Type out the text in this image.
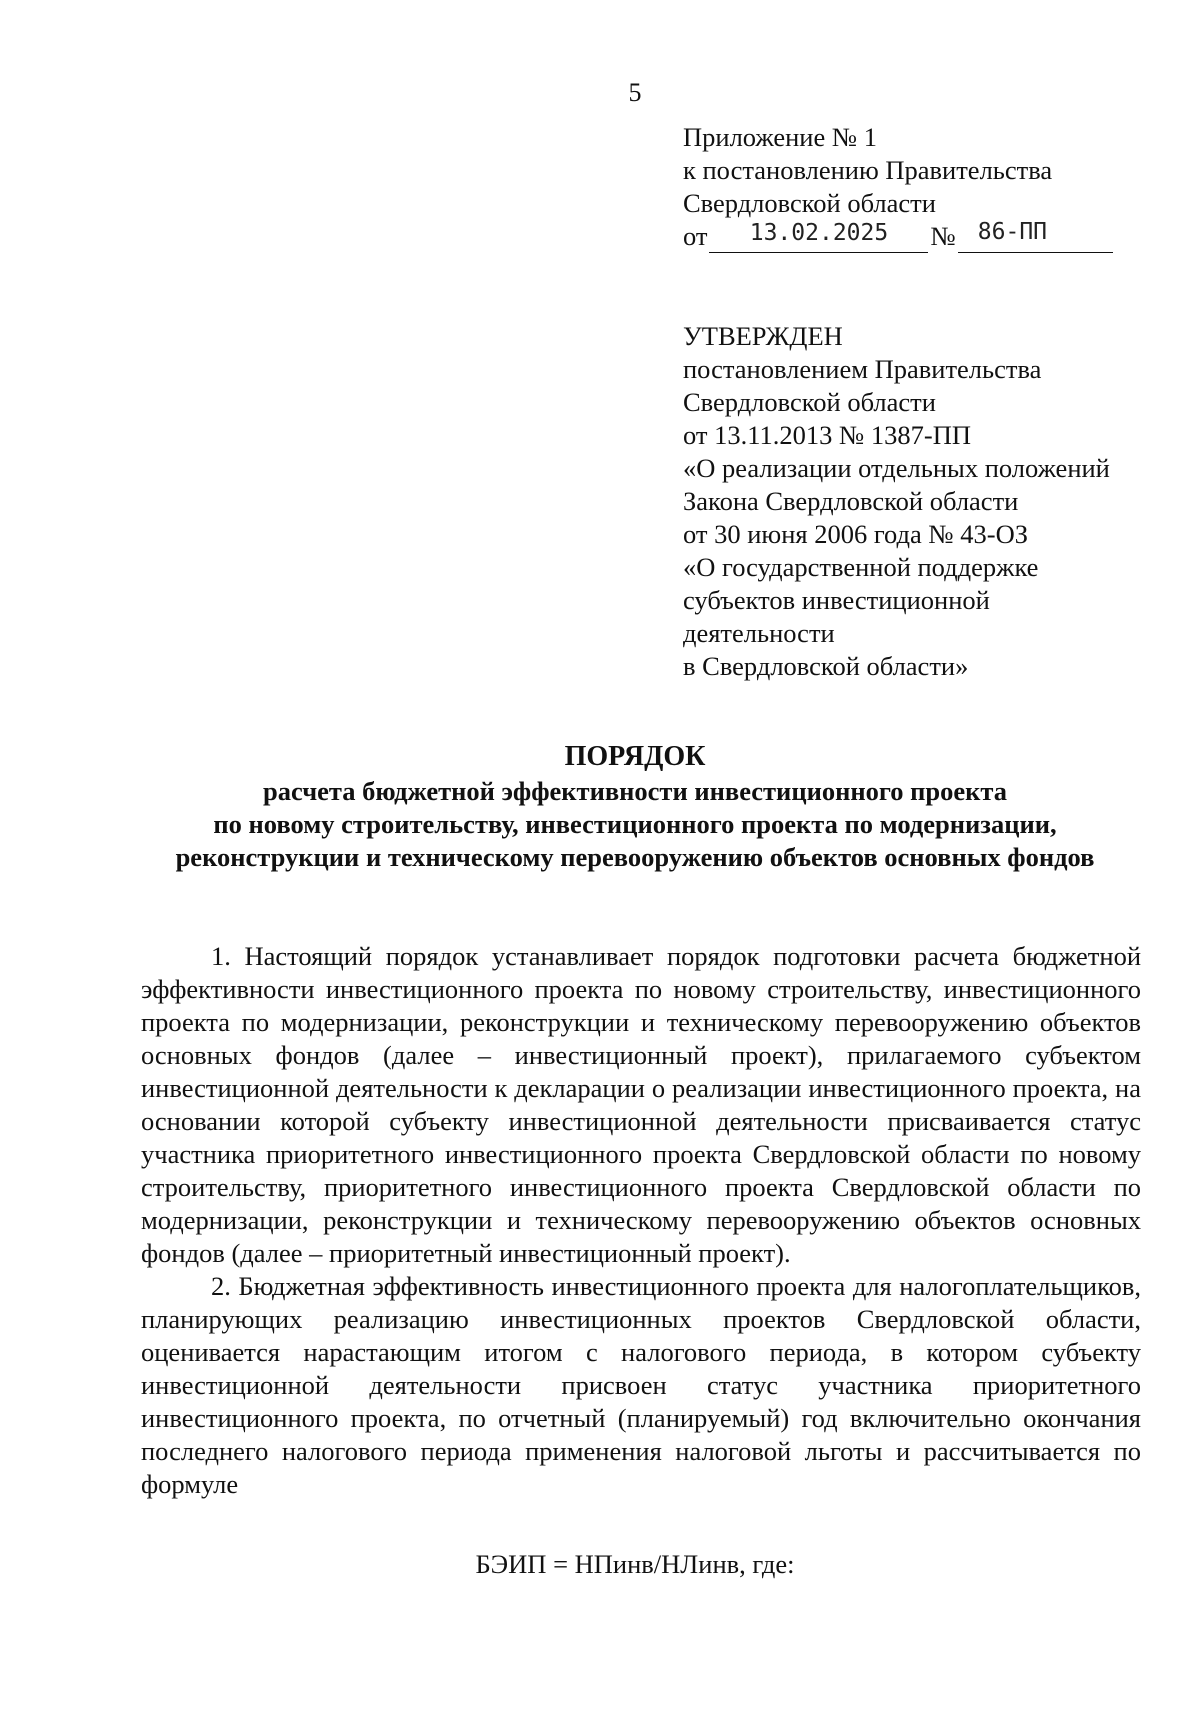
5
Приложение № 1
к постановлению Правительства
Свердловской области
от	13.02.2025	№ 86-ПП
УТВЕРЖДЕН
постановлением Правительства
Свердловской области
от 13.11.2013 № 1387-ПП
«О реализации отдельных положений
Закона Свердловской области
от 30 июня 2006 года № 43-ОЗ
«О государственной поддержке
субъектов инвестиционной
деятельности
в Свердловской области»
ПОРЯДОК
расчета бюджетной эффективности инвестиционного проекта
по новому строительству, инвестиционного проекта по модернизации,
реконструкции и техническому перевооружению объектов основных фондов

1. Настоящий порядок устанавливает порядок подготовки расчета бюджетной эффективности инвестиционного проекта по новому строительству, инвестиционного проекта по модернизации, реконструкции и техническому перевооружению объектов основных фондов (далее – инвестиционный проект), прилагаемого субъектом инвестиционной деятельности к декларации о реализации инвестиционного проекта, на основании которой субъекту инвестиционной деятельности присваивается статус участника приоритетного инвестиционного проекта Свердловской области по новому строительству, приоритетного инвестиционного проекта Свердловской области по модернизации, реконструкции и техническому перевооружению объектов основных фондов (далее – приоритетный инвестиционный проект).

2. Бюджетная эффективность инвестиционного проекта для налогоплательщиков, планирующих реализацию инвестиционных проектов Свердловской области, оценивается нарастающим итогом с налогового периода, в котором субъекту инвестиционной деятельности присвоен статус участника приоритетного инвестиционного проекта, по отчетный (планируемый) год включительно окончания последнего налогового периода применения налоговой льготы и рассчитывается по формуле

БЭИП = НПинв/НЛинв, где:
